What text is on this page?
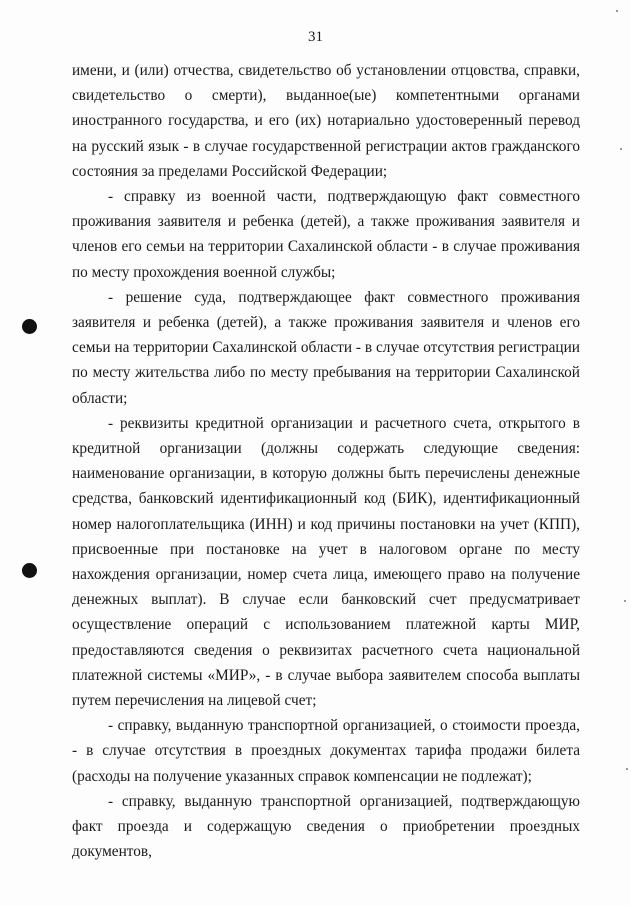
31

имени, и (или) отчества, свидетельство об установлении отцовства, справки, свидетельство о смерти), выданное(ые) компетентными органами иностранного государства, и его (их) нотариально удостоверенный перевод на русский язык - в случае государственной регистрации актов гражданского состояния за пределами Российской Федерации;

- справку из военной части, подтверждающую факт совместного проживания заявителя и ребенка (детей), а также проживания заявителя и членов его семьи на территории Сахалинской области - в случае проживания по месту прохождения военной службы;

- решение суда, подтверждающее факт совместного проживания заявителя и ребенка (детей), а также проживания заявителя и членов его семьи на территории Сахалинской области - в случае отсутствия регистрации по месту жительства либо по месту пребывания на территории Сахалинской области;

- реквизиты кредитной организации и расчетного счета, открытого в кредитной организации (должны содержать следующие сведения: наименование организации, в которую должны быть перечислены денежные средства, банковский идентификационный код (БИК), идентификационный номер налогоплательщика (ИНН) и код причины постановки на учет (КПП), присвоенные при постановке на учет в налоговом органе по месту нахождения организации, номер счета лица, имеющего право на получение денежных выплат). В случае если банковский счет предусматривает осуществление операций с использованием платежной карты МИР, предоставляются сведения о реквизитах расчетного счета национальной платежной системы «МИР», - в случае выбора заявителем способа выплаты путем перечисления на лицевой счет;

- справку, выданную транспортной организацией, о стоимости проезда, - в случае отсутствия в проездных документах тарифа продажи билета (расходы на получение указанных справок компенсации не подлежат);

- справку, выданную транспортной организацией, подтверждающую факт проезда и содержащую сведения о приобретении проездных документов,
